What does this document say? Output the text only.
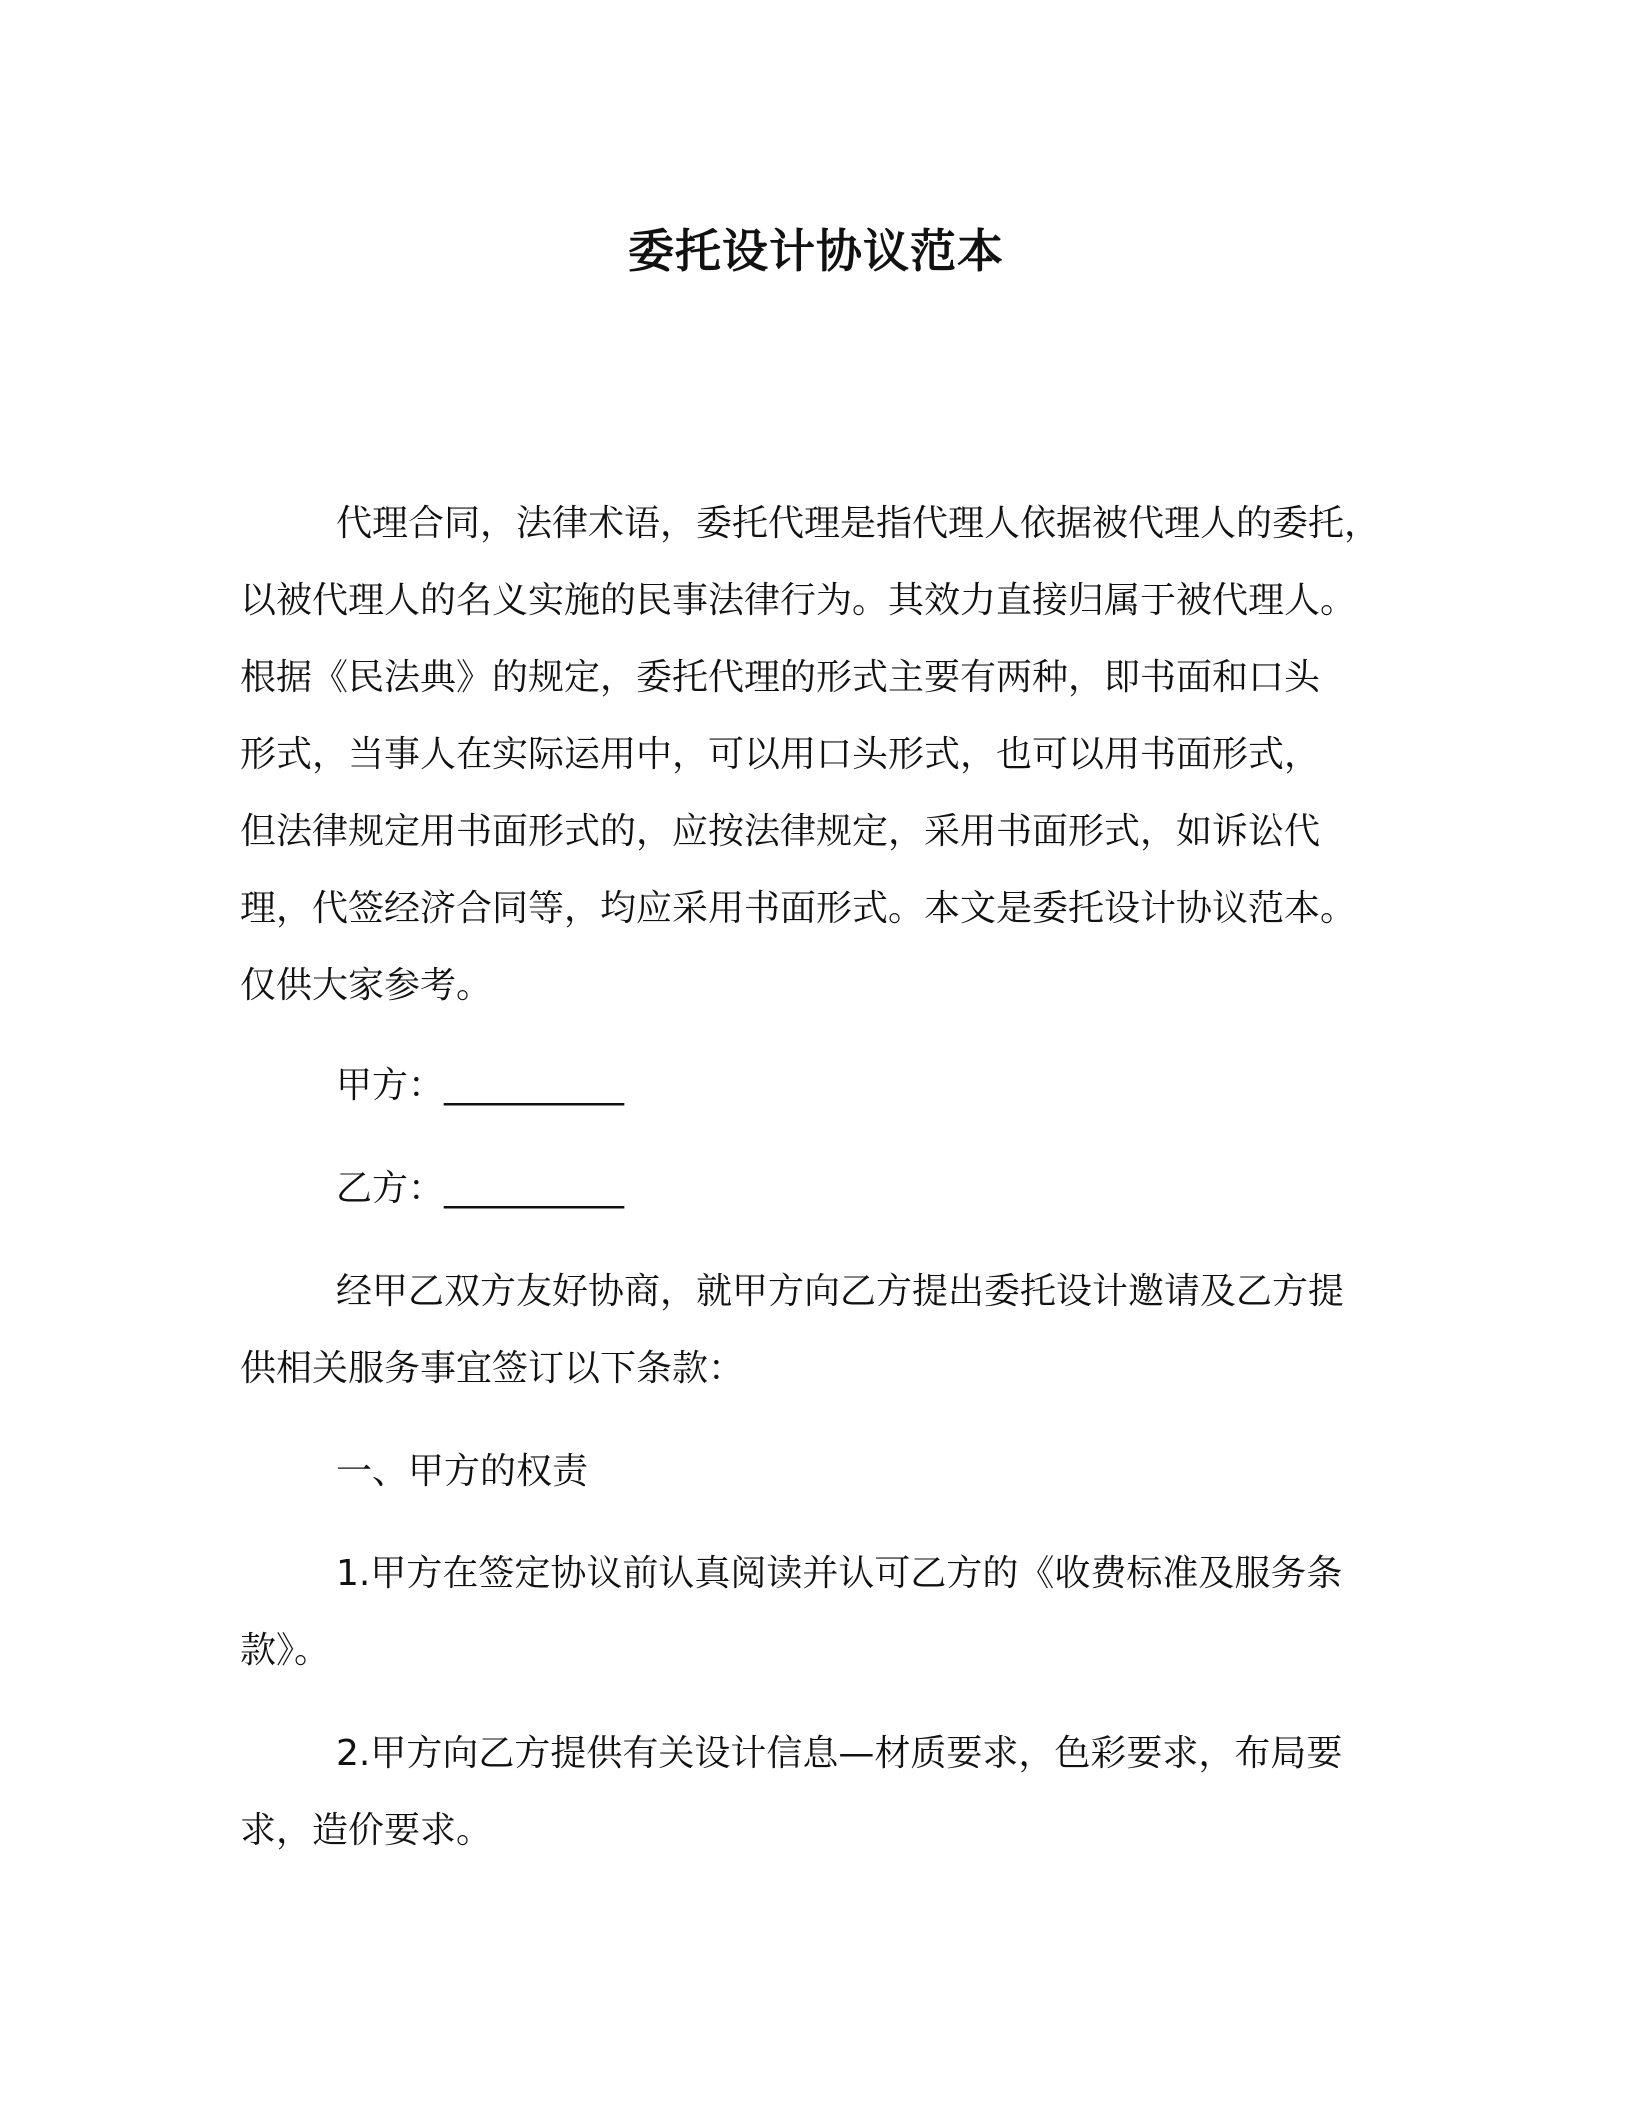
委托设计协议范本
代理合同，法律术语，委托代理是指代理人依据被代理人的委托，
以被代理人的名义实施的民事法律行为。其效力直接归属于被代理人。
根据《民法典》的规定，委托代理的形式主要有两种，即书面和口头
形式，当事人在实际运用中，可以用口头形式，也可以用书面形式，
但法律规定用书面形式的，应按法律规定，采用书面形式，如诉讼代
理，代签经济合同等，均应采用书面形式。本文是委托设计协议范本。
仅供大家参考。
甲方：__________
乙方：__________
经甲乙双方友好协商，就甲方向乙方提出委托设计邀请及乙方提
供相关服务事宜签订以下条款：
一、甲方的权责
1.甲方在签定协议前认真阅读并认可乙方的《收费标准及服务条
款》。
2.甲方向乙方提供有关设计信息—材质要求，色彩要求，布局要
求，造价要求。
